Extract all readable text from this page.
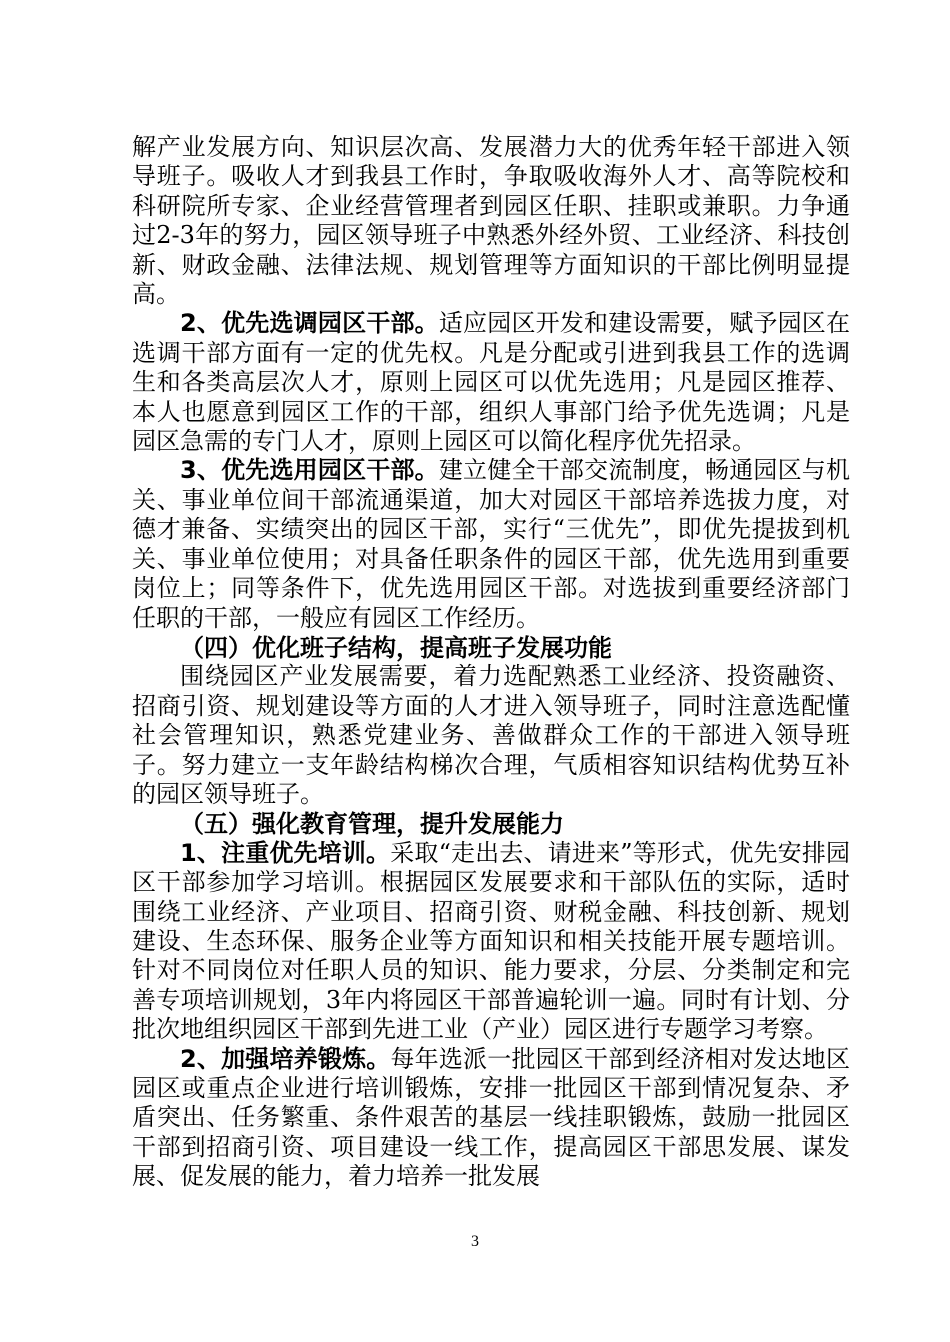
解产业发展方向、知识层次高、发展潜力大的优秀年轻干部进入领导班子。吸收人才到我县工作时，争取吸收海外人才、高等院校和科研院所专家、企业经营管理者到园区任职、挂职或兼职。力争通过2-3年的努力，园区领导班子中熟悉外经外贸、工业经济、科技创新、财政金融、法律法规、规划管理等方面知识的干部比例明显提高。

2、优先选调园区干部。适应园区开发和建设需要，赋予园区在选调干部方面有一定的优先权。凡是分配或引进到我县工作的选调生和各类高层次人才，原则上园区可以优先选用；凡是园区推荐、本人也愿意到园区工作的干部，组织人事部门给予优先选调；凡是园区急需的专门人才，原则上园区可以简化程序优先招录。

3、优先选用园区干部。建立健全干部交流制度，畅通园区与机关、事业单位间干部流通渠道，加大对园区干部培养选拔力度，对德才兼备、实绩突出的园区干部，实行“三优先”，即优先提拔到机关、事业单位使用；对具备任职条件的园区干部，优先选用到重要岗位上；同等条件下，优先选用园区干部。对选拔到重要经济部门任职的干部，一般应有园区工作经历。

（四）优化班子结构，提高班子发展功能

围绕园区产业发展需要，着力选配熟悉工业经济、投资融资、招商引资、规划建设等方面的人才进入领导班子，同时注意选配懂社会管理知识，熟悉党建业务、善做群众工作的干部进入领导班子。努力建立一支年龄结构梯次合理，气质相容知识结构优势互补的园区领导班子。

（五）强化教育管理，提升发展能力

1、注重优先培训。采取“走出去、请进来”等形式，优先安排园区干部参加学习培训。根据园区发展要求和干部队伍的实际，适时围绕工业经济、产业项目、招商引资、财税金融、科技创新、规划建设、生态环保、服务企业等方面知识和相关技能开展专题培训。针对不同岗位对任职人员的知识、能力要求，分层、分类制定和完善专项培训规划，3年内将园区干部普遍轮训一遍。同时有计划、分批次地组织园区干部到先进工业（产业）园区进行专题学习考察。

2、加强培养锻炼。每年选派一批园区干部到经济相对发达地区园区或重点企业进行培训锻炼，安排一批园区干部到情况复杂、矛盾突出、任务繁重、条件艰苦的基层一线挂职锻炼，鼓励一批园区干部到招商引资、项目建设一线工作，提高园区干部思发展、谋发展、促发展的能力，着力培养一批发展

3
